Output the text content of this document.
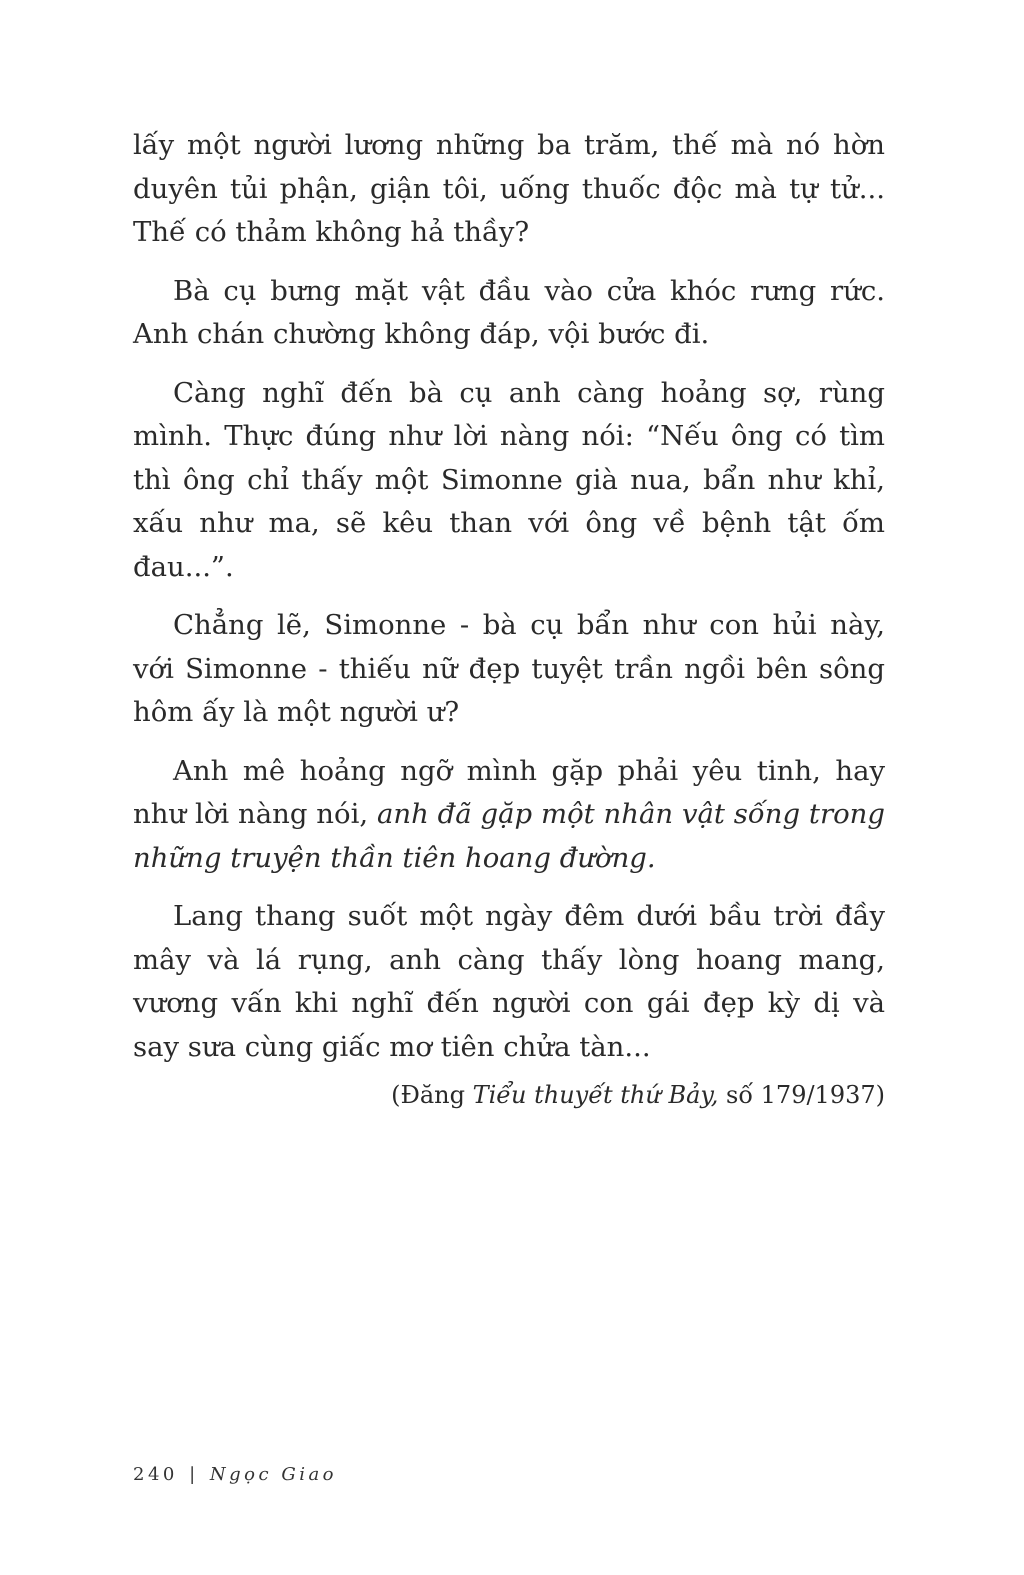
lấy một người lương những ba trăm, thế mà nó hờn duyên tủi phận, giận tôi, uống thuốc độc mà tự tử... Thế có thảm không hả thầy?

Bà cụ bưng mặt vật đầu vào cửa khóc rưng rức. Anh chán chường không đáp, vội bước đi.

Càng nghĩ đến bà cụ anh càng hoảng sợ, rùng mình. Thực đúng như lời nàng nói: “Nếu ông có tìm thì ông chỉ thấy một Simonne già nua, bẩn như khỉ, xấu như ma, sẽ kêu than với ông về bệnh tật ốm đau...”.

Chẳng lẽ, Simonne - bà cụ bẩn như con hủi này, với Simonne - thiếu nữ đẹp tuyệt trần ngồi bên sông hôm ấy là một người ư?

Anh mê hoảng ngỡ mình gặp phải yêu tinh, hay như lời nàng nói, anh đã gặp một nhân vật sống trong những truyện thần tiên hoang đường.

Lang thang suốt một ngày đêm dưới bầu trời đầy mây và lá rụng, anh càng thấy lòng hoang mang, vương vấn khi nghĩ đến người con gái đẹp kỳ dị và say sưa cùng giấc mơ tiên chửa tàn...

(Đăng Tiểu thuyết thứ Bảy, số 179/1937)
240 | Ngọc Giao
